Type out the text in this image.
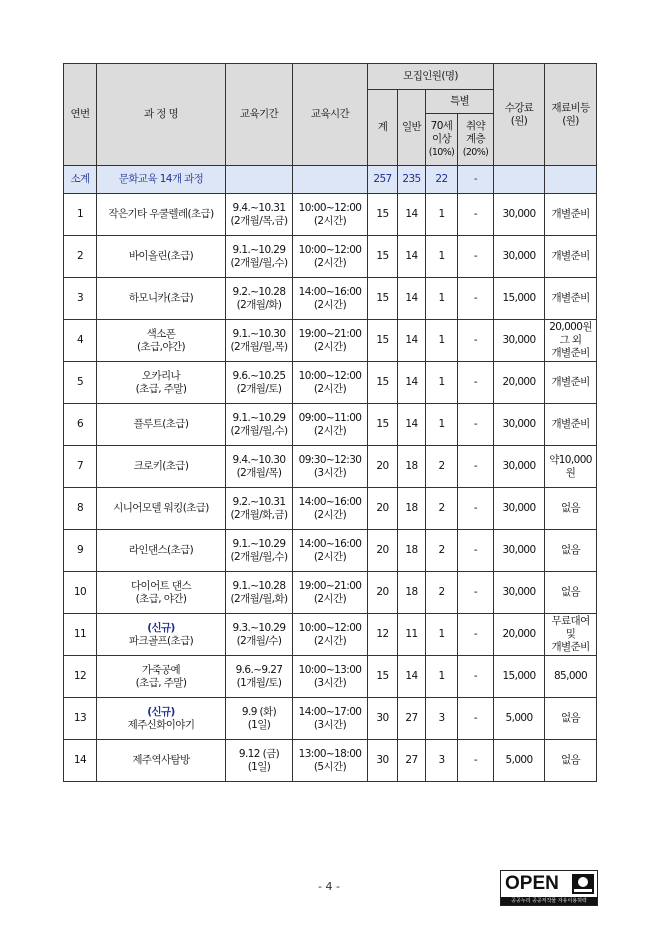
연번	과 정 명	교육기간	교육시간	모집인원(명)				수강료
(원)	재료비등
(원)

				계	일반	특별			

						70세
이상
(10%)	취약
계층
(20%)		

소계	문화교육 14개 과정			257	235	22	-		
1	작은기타 우쿨렐레(초급)	9.4.~10.31
(2개월/목,금)	10:00~12:00
(2시간)	15	14	1	-	30,000	개별준비

2	바이올린(초급)	9.1.~10.29
(2개월/월,수)	10:00~12:00
(2시간)	15	14	1	-	30,000	개별준비

3	하모니카(초급)	9.2.~10.28
(2개월/화)	14:00~16:00
(2시간)	15	14	1	-	15,000	개별준비

4	색소폰
(초급,야간)	9.1.~10.30
(2개월/월,목)	19:00~21:00
(2시간)	15	14	1	-	30,000	20,000원
그 외
개별준비

5	오카리나
(초급, 주말)	9.6.~10.25
(2개월/토)	10:00~12:00
(2시간)	15	14	1	-	20,000	개별준비

6	플루트(초급)	9.1.~10.29
(2개월/월,수)	09:00~11:00
(2시간)	15	14	1	-	30,000	개별준비

7	크로키(초급)	9.4.~10.30
(2개월/목)	09:30~12:30
(3시간)	20	18	2	-	30,000	약10,000원

8	시니어모델 워킹(초급)	9.2.~10.31
(2개월/화,금)	14:00~16:00
(2시간)	20	18	2	-	30,000	없음

9	라인댄스(초급)	9.1.~10.29
(2개월/월,수)	14:00~16:00
(2시간)	20	18	2	-	30,000	없음

10	다이어트 댄스
(초급, 야간)	9.1.~10.28
(2개월/월,화)	19:00~21:00
(2시간)	20	18	2	-	30,000	없음

11	(신규)
파크골프(초급)	9.3.~10.29
(2개월/수)	10:00~12:00
(2시간)	12	11	1	-	20,000	무료대여
및
개별준비

12	가죽공예
(초급, 주말)	9.6.~9.27
(1개월/토)	10:00~13:00
(3시간)	15	14	1	-	15,000	85,000

13	(신규)
제주신화이야기	9.9 (화)
(1일)	14:00~17:00
(3시간)	30	27	3	-	5,000	없음

14	제주역사탐방	9.12 (금)
(1일)	13:00~18:00
(5시간)	30	27	3	-	5,000	없음
- 4 -	OPEN
공공누리 공공저작물 자유이용허락
